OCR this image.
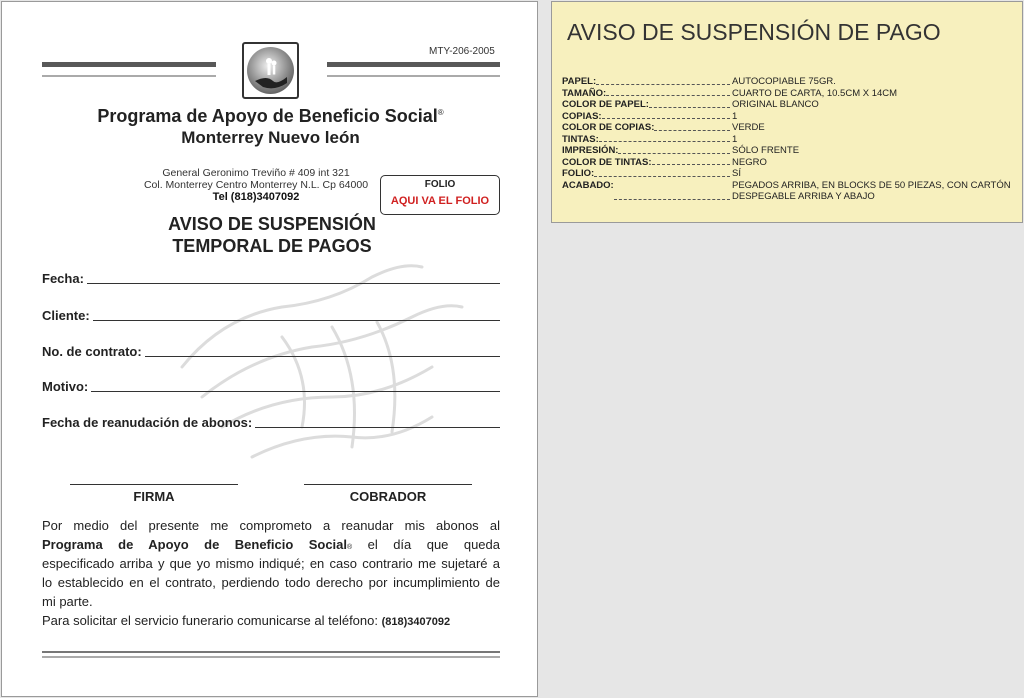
MTY-206-2005
Programa de Apoyo de Beneficio Social®
Monterrey Nuevo león
General Geronimo Treviño # 409 int 321
Col. Monterrey Centro Monterrey N.L. Cp 64000
Tel (818)3407092
FOLIO
AQUI VA EL FOLIO
AVISO DE SUSPENSIÓN
TEMPORAL DE PAGOS
Fecha:
Cliente:
No. de contrato:
Motivo:
Fecha de reanudación de abonos:
FIRMA	COBRADOR
Por medio del presente me comprometo a reanudar mis abonos al
Programa de Apoyo de Beneficio Social® el día que queda
especificado arriba y que yo mismo indiqué; en caso contrario me sujetaré a
lo establecido en el contrato, perdiendo todo derecho por incumplimiento de
mi parte.
Para solicitar el servicio funerario comunicarse al teléfono: (818)3407092
AVISO DE SUSPENSIÓN DE PAGO
PAPEL:	AUTOCOPIABLE 75GR.
TAMAÑO:	CUARTO DE CARTA, 10.5CM X 14CM
COLOR DE PAPEL:	ORIGINAL BLANCO
COPIAS:	1
COLOR DE COPIAS:	VERDE
TINTAS:	1
IMPRESIÓN:	SÓLO FRENTE
COLOR DE TINTAS:	NEGRO
FOLIO:	SÍ
ACABADO:	PEGADOS ARRIBA, EN BLOCKS DE 50 PIEZAS, CON CARTÓN DESPEGABLE ARRIBA Y ABAJO
